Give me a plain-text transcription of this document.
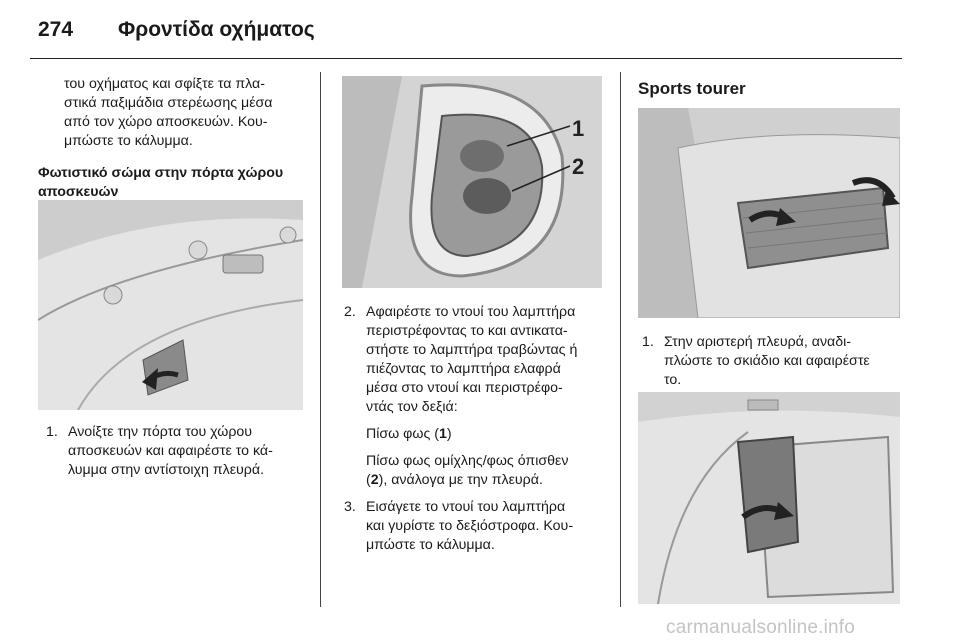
274 Φροντίδα οχήματος
του οχήματος και σφίξτε τα πλα-
στικά παξιμάδια στερέωσης μέσα
από τον χώρο αποσκευών. Κου-
μπώστε το κάλυμμα.
Φωτιστικό σώμα στην πόρτα χώρου
αποσκευών
1. Ανοίξτε την πόρτα του χώρου
αποσκευών και αφαιρέστε το κά-
λυμμα στην αντίστοιχη πλευρά.
1
2
2. Αφαιρέστε το ντουί του λαμπτήρα
περιστρέφοντας το και αντικατα-
στήστε το λαμπτήρα τραβώντας ή
πιέζοντας το λαμπτήρα ελαφρά
μέσα στο ντουί και περιστρέφο-
ντάς τον δεξιά:
Πίσω φως (1)
Πίσω φως ομίχλης/φως όπισθεν
(2), ανάλογα με την πλευρά.
3. Εισάγετε το ντουί του λαμπτήρα
και γυρίστε το δεξιόστροφα. Κου-
μπώστε το κάλυμμα.
Sports tourer
1. Στην αριστερή πλευρά, αναδι-
πλώστε το σκιάδιο και αφαιρέστε
το.
carmanualsonline.info
